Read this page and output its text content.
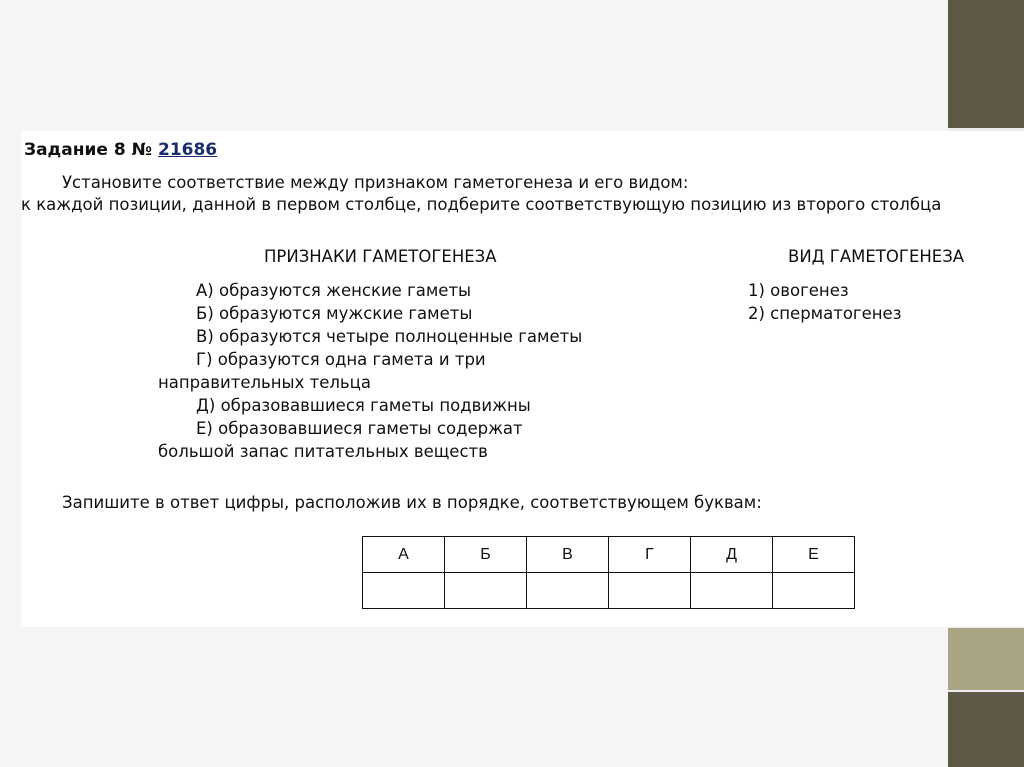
Задание 8 № 21686
Установите соответствие между признаком гаметогенеза и его видом:
к каждой позиции, данной в первом столбце, подберите соответствующую позицию из второго столбца
ПРИЗНАКИ ГАМЕТОГЕНЕЗА	ВИД ГАМЕТОГЕНЕЗА
А) образуются женские гаметы
Б) образуются мужские гаметы
В) образуются четыре полноценные гаметы
Г) образуются одна гамета и три
направительных тельца
Д) образовавшиеся гаметы подвижны
Е) образовавшиеся гаметы содержат
большой запас питательных веществ
1) овогенез
2) сперматогенез
Запишите в ответ цифры, расположив их в порядке, соответствующем буквам:
А	Б	В	Г	Д	Е
